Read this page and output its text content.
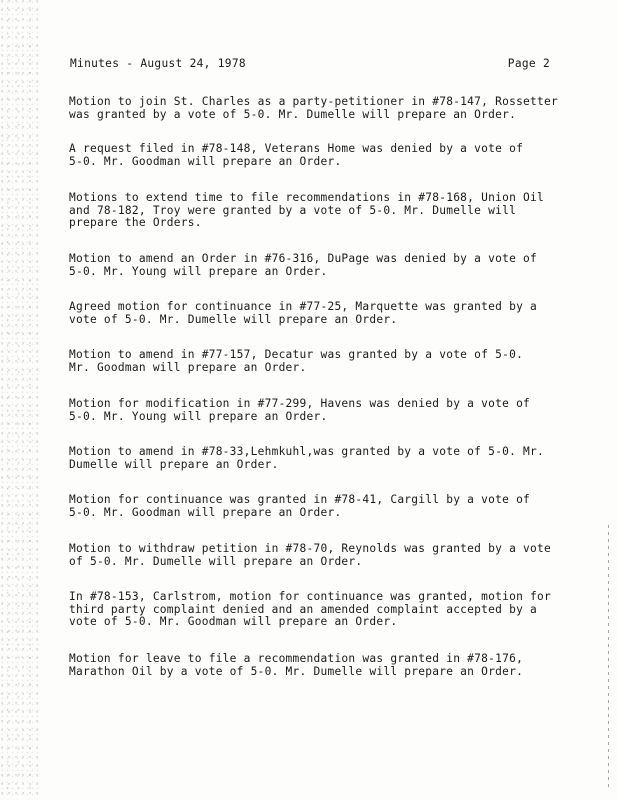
Minutes - August 24, 1978	Page 2

Motion to join St. Charles as a party-petitioner in #78-147, Rossetter
was granted by a vote of 5-0. Mr. Dumelle will prepare an Order.

A request filed in #78-148, Veterans Home was denied by a vote of
5-0. Mr. Goodman will prepare an Order.

Motions to extend time to file recommendations in #78-168, Union Oil
and 78-182, Troy were granted by a vote of 5-0. Mr. Dumelle will
prepare the Orders.

Motion to amend an Order in #76-316, DuPage was denied by a vote of
5-0. Mr. Young will prepare an Order.

Agreed motion for continuance in #77-25, Marquette was granted by a
vote of 5-0. Mr. Dumelle will prepare an Order.

Motion to amend in #77-157, Decatur was granted by a vote of 5-0.
Mr. Goodman will prepare an Order.

Motion for modification in #77-299, Havens was denied by a vote of
5-0. Mr. Young will prepare an Order.

Motion to amend in #78-33,Lehmkuhl,was granted by a vote of 5-0. Mr.
Dumelle will prepare an Order.

Motion for continuance was granted in #78-41, Cargill by a vote of
5-0. Mr. Goodman will prepare an Order.

Motion to withdraw petition in #78-70, Reynolds was granted by a vote
of 5-0. Mr. Dumelle will prepare an Order.

In #78-153, Carlstrom, motion for continuance was granted, motion for
third party complaint denied and an amended complaint accepted by a
vote of 5-0. Mr. Goodman will prepare an Order.

Motion for leave to file a recommendation was granted in #78-176,
Marathon Oil by a vote of 5-0. Mr. Dumelle will prepare an Order.
